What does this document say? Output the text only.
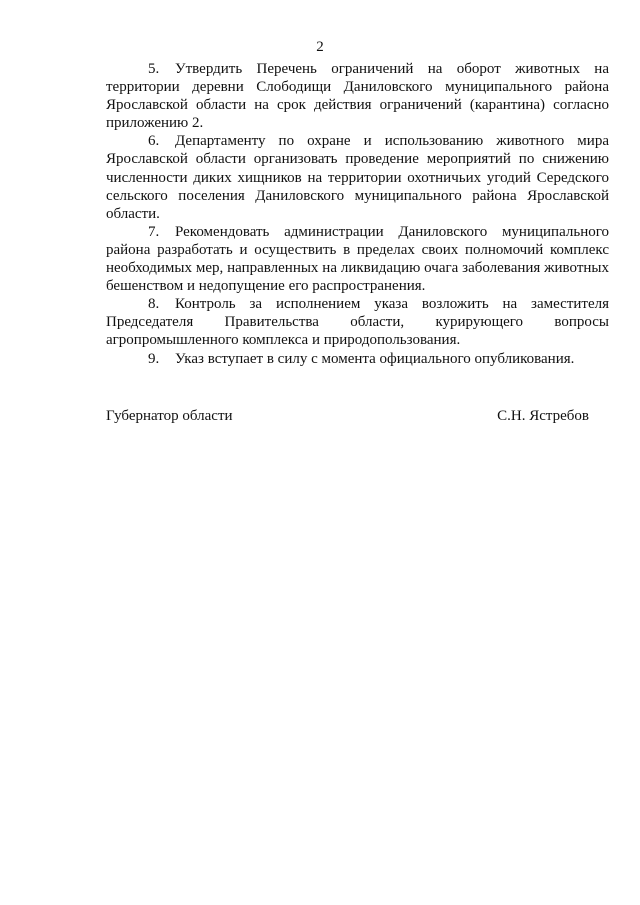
2

5. Утвердить Перечень ограничений на оборот животных на территории деревни Слободищи Даниловского муниципального района Ярославской области на срок действия ограничений (карантина) согласно приложению 2.

6. Департаменту по охране и использованию животного мира Ярославской области организовать проведение мероприятий по снижению численности диких хищников на территории охотничьих угодий Середского сельского поселения Даниловского муниципального района Ярославской области.

7. Рекомендовать администрации Даниловского муниципального района разработать и осуществить в пределах своих полномочий комплекс необходимых мер, направленных на ликвидацию очага заболевания животных бешенством и недопущение его распространения.

8. Контроль за исполнением указа возложить на заместителя Председателя Правительства области, курирующего вопросы агропромышленного комплекса и природопользования.

9. Указ вступает в силу с момента официального опубликования.

Губернатор области	С.Н. Ястребов
